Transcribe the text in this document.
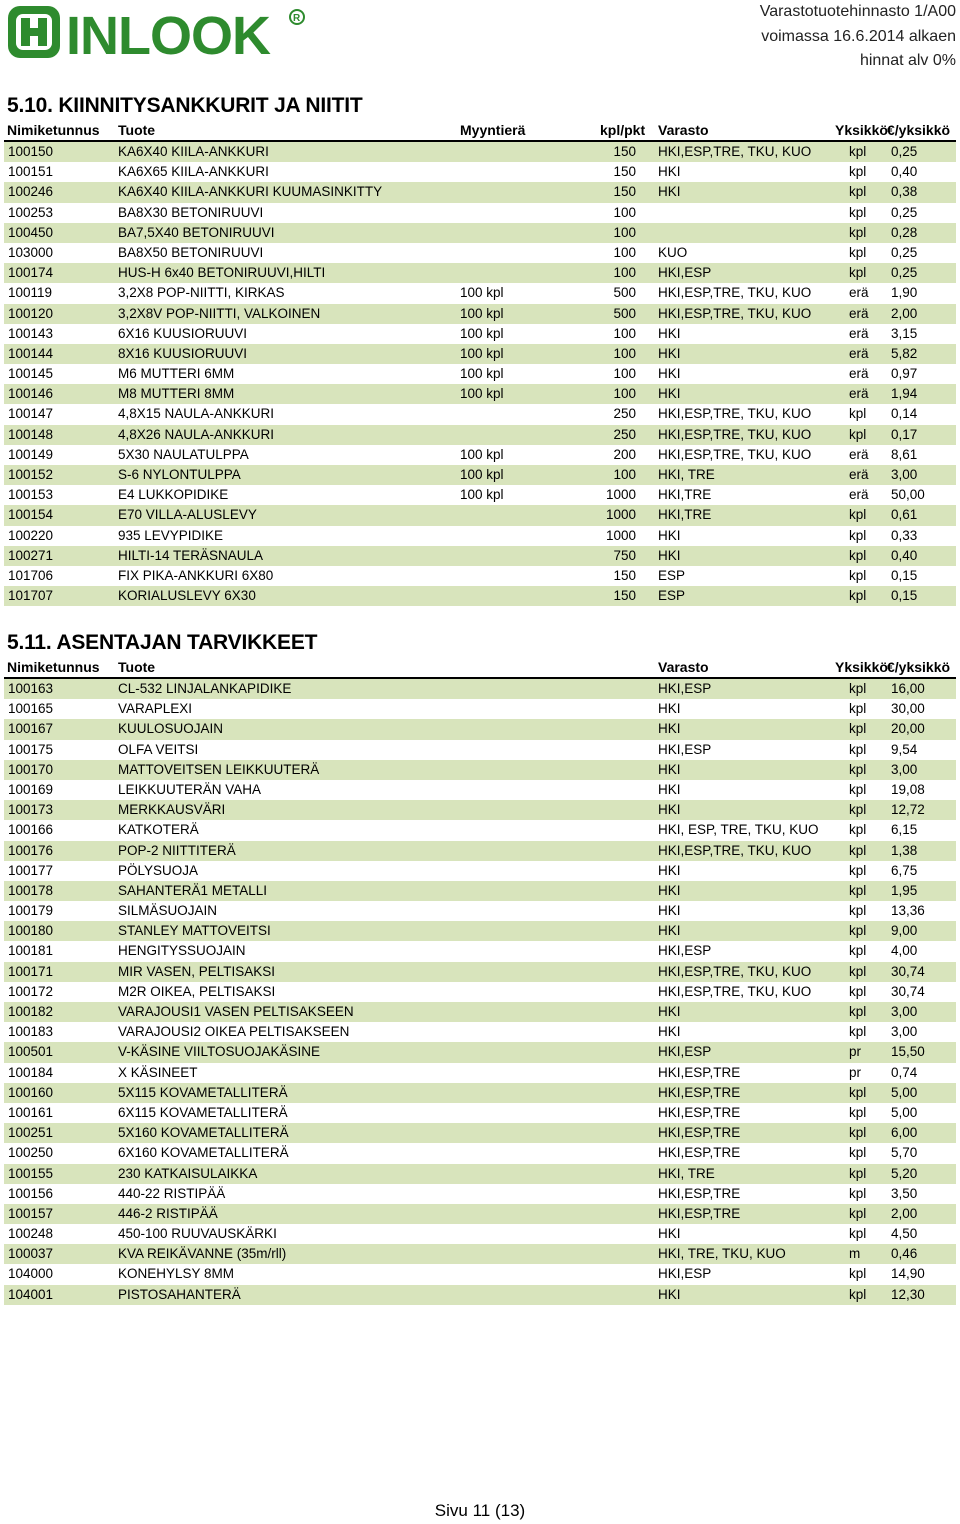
INLOOK R	Varastotuotehinnasto 1/A00
voimassa 16.6.2014 alkaen
hinnat alv 0%
5.10. KIINNITYSANKKURIT JA NIITIT
Nimiketunnus Tuote	Myyntierä	kpl/pkt Varasto	Yksikkö €/yksikkö
100150	KA6X40 KIILA-ANKKURI	150 HKI,ESP,TRE, TKU, KUO	kpl 0,25
100151	KA6X65 KIILA-ANKKURI	150 HKI	kpl 0,40
100246	KA6X40 KIILA-ANKKURI KUUMASINKITTY	150 HKI	kpl 0,38
100253	BA8X30 BETONIRUUVI	100	kpl 0,25
100450	BA7,5X40 BETONIRUUVI	100	kpl 0,28
103000	BA8X50 BETONIRUUVI	100 KUO	kpl 0,25
100174	HUS-H 6x40 BETONIRUUVI,HILTI	100 HKI,ESP	kpl 0,25
100119	3,2X8 POP-NIITTI, KIRKAS	100 kpl	500 HKI,ESP,TRE, TKU, KUO	erä 1,90
100120	3,2X8V POP-NIITTI, VALKOINEN	100 kpl	500 HKI,ESP,TRE, TKU, KUO	erä 2,00
100143	6X16 KUUSIORUUVI	100 kpl	100 HKI	erä 3,15
100144	8X16 KUUSIORUUVI	100 kpl	100 HKI	erä 5,82
100145	M6 MUTTERI 6MM	100 kpl	100 HKI	erä 0,97
100146	M8 MUTTERI 8MM	100 kpl	100 HKI	erä 1,94
100147	4,8X15 NAULA-ANKKURI	250 HKI,ESP,TRE, TKU, KUO	kpl 0,14
100148	4,8X26 NAULA-ANKKURI	250 HKI,ESP,TRE, TKU, KUO	kpl 0,17
100149	5X30 NAULATULPPA	100 kpl	200 HKI,ESP,TRE, TKU, KUO	erä 8,61
100152	S-6 NYLONTULPPA	100 kpl	100 HKI, TRE	erä 3,00
100153	E4 LUKKOPIDIKE	100 kpl	1000 HKI,TRE	erä 50,00
100154	E70 VILLA-ALUSLEVY	1000 HKI,TRE	kpl 0,61
100220	935 LEVYPIDIKE	1000 HKI	kpl 0,33
100271	HILTI-14 TERÄSNAULA	750 HKI	kpl 0,40
101706	FIX PIKA-ANKKURI 6X80	150 ESP	kpl 0,15
101707	KORIALUSLEVY 6X30	150 ESP	kpl 0,15
5.11. ASENTAJAN TARVIKKEET
Nimiketunnus Tuote	Varasto	Yksikkö €/yksikkö
100163	CL-532 LINJALANKAPIDIKE	HKI,ESP	kpl 16,00
100165	VARAPLEXI	HKI	kpl 30,00
100167	KUULOSUOJAIN	HKI	kpl 20,00
100175	OLFA VEITSI	HKI,ESP	kpl 9,54
100170	MATTOVEITSEN LEIKKUUTERÄ	HKI	kpl 3,00
100169	LEIKKUUTERÄN VAHA	HKI	kpl 19,08
100173	MERKKAUSVÄRI	HKI	kpl 12,72
100166	KATKOTERÄ	HKI, ESP, TRE, TKU, KUO kpl 6,15
100176	POP-2 NIITTITERÄ	HKI,ESP,TRE, TKU, KUO	kpl 1,38
100177	PÖLYSUOJA	HKI	kpl 6,75
100178	SAHANTERÄ1 METALLI	HKI	kpl 1,95
100179	SILMÄSUOJAIN	HKI	kpl 13,36
100180	STANLEY MATTOVEITSI	HKI	kpl 9,00
100181	HENGITYSSUOJAIN	HKI,ESP	kpl 4,00
100171	MIR VASEN, PELTISAKSI	HKI,ESP,TRE, TKU, KUO	kpl 30,74
100172	M2R OIKEA, PELTISAKSI	HKI,ESP,TRE, TKU, KUO	kpl 30,74
100182	VARAJOUSI1 VASEN PELTISAKSEEN	HKI	kpl 3,00
100183	VARAJOUSI2 OIKEA PELTISAKSEEN	HKI	kpl 3,00
100501	V-KÄSINE VIILTOSUOJAKÄSINE	HKI,ESP	pr 15,50
100184	X KÄSINEET	HKI,ESP,TRE	pr 0,74
100160	5X115 KOVAMETALLITERÄ	HKI,ESP,TRE	kpl 5,00
100161	6X115 KOVAMETALLITERÄ	HKI,ESP,TRE	kpl 5,00
100251	5X160 KOVAMETALLITERÄ	HKI,ESP,TRE	kpl 6,00
100250	6X160 KOVAMETALLITERÄ	HKI,ESP,TRE	kpl 5,70
100155	230 KATKAISULAIKKA	HKI, TRE	kpl 5,20
100156	440-22 RISTIPÄÄ	HKI,ESP,TRE	kpl 3,50
100157	446-2 RISTIPÄÄ	HKI,ESP,TRE	kpl 2,00
100248	450-100 RUUVAUSKÄRKI	HKI	kpl 4,50
100037	KVA REIKÄVANNE (35m/rll)	HKI, TRE, TKU, KUO	m 0,46
104000	KONEHYLSY 8MM	HKI,ESP	kpl 14,90
104001	PISTOSAHANTERÄ	HKI	kpl 12,30
Sivu 11 (13)
